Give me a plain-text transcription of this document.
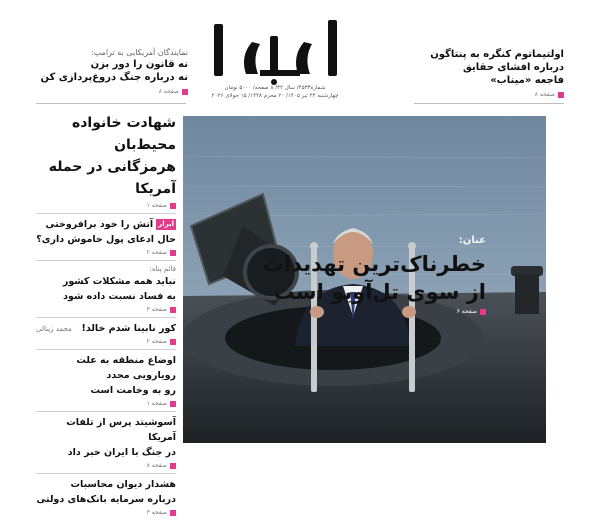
شماره۴۵۳۳/ سال ۳۲/ ۸ صفحه/ ۵۰۰۰ تومان
چهارشنبه ۲۴ تیر ۱۴۰۵/ ۲۰ محرم ۱۴۴۸/ ۱۵ جولای ۲۰۲۶
نمایندگان آمریکایی به ترامپ:
نه قانون را دور بزن
نه درباره جنگ دروغ‌پردازی کن
صفحه ۸
اولتیماتوم کنگره به پنتاگون
درباره افشای حقایق
فاجعه «میناب»
صفحه ۸
عنان:
خطرناک‌ترین تهدیدات
از سوی تل‌آویو است
صفحه ۶
شهادت خانواده محیط‌بان
هرمزگانی در حمله آمریکا
صفحه ۱
ابرارآتش را خود برافروختی
حال ادعای پول خاموش داری؟
صفحه ۲
قائم پناه:
نباید همه مشکلات کشور
به فساد نسبت داده شود
صفحه ۳
کور نابینا شدم خالد!
محمد زینالی
صفحه ۲
اوضاع منطقه به علت رویارویی مجدد
رو به وخامت است
صفحه ۱
آسوشیتد پرس از تلفات آمریکا
در جنگ با ایران خبر داد
صفحه ۸
هشدار دیوان محاسبات
درباره سرمایه بانک‌های دولتی
صفحه ۳
